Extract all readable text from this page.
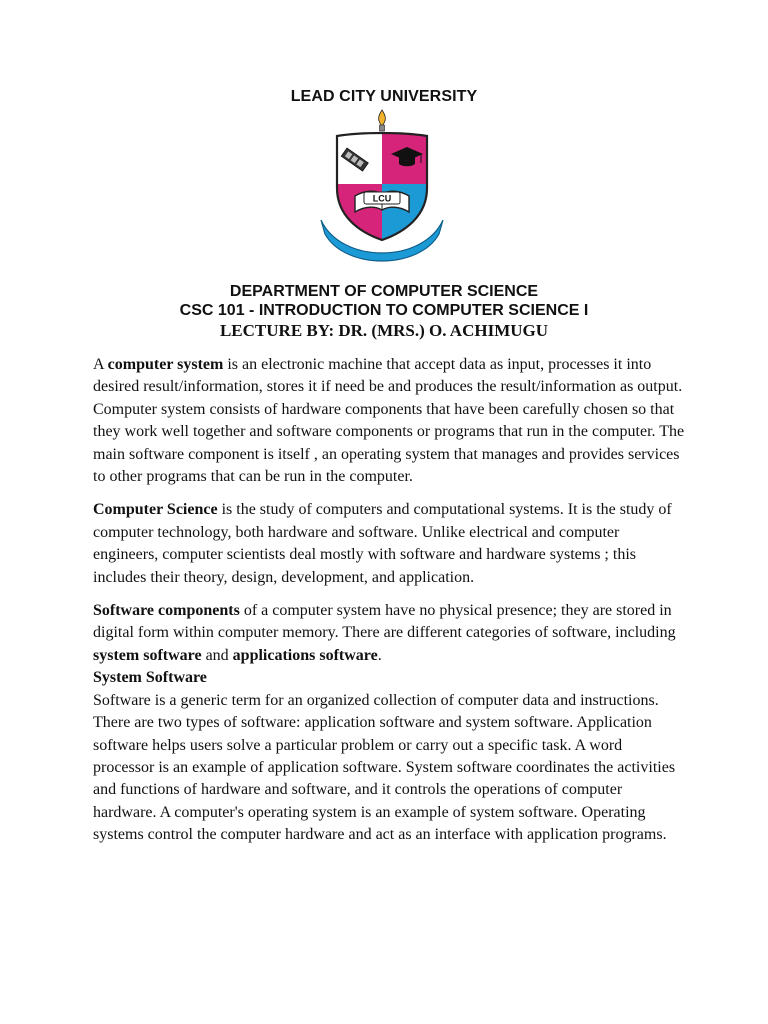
LEAD CITY UNIVERSITY
LCU
Knowledge for Self-reliance
DEPARTMENT OF COMPUTER SCIENCE
CSC 101 - INTRODUCTION TO COMPUTER SCIENCE I
LECTURE BY: DR. (MRS.) O. ACHIMUGU

A computer system is an electronic machine that accept data as input, processes it into desired result/information, stores it if need be and produces the result/information as output. Computer system consists of hardware components that have been carefully chosen so that they work well together and software components or programs that run in the computer. The main software component is itself , an operating system that manages and provides services to other programs that can be run in the computer.

Computer Science is the study of computers and computational systems. It is the study of computer technology, both hardware and software. Unlike electrical and computer engineers, computer scientists deal mostly with software and hardware systems ; this includes their theory, design, development, and application.

Software components of a computer system have no physical presence; they are stored in digital form within computer memory. There are different categories of software, including system software and applications software.

System Software

Software is a generic term for an organized collection of computer data and instructions. There are two types of software: application software and system software. Application software helps users solve a particular problem or carry out a specific task. A word processor is an example of application software. System software coordinates the activities and functions of hardware and software, and it controls the operations of computer hardware. A computer's operating system is an example of system software. Operating systems control the computer hardware and act as an interface with application programs.
